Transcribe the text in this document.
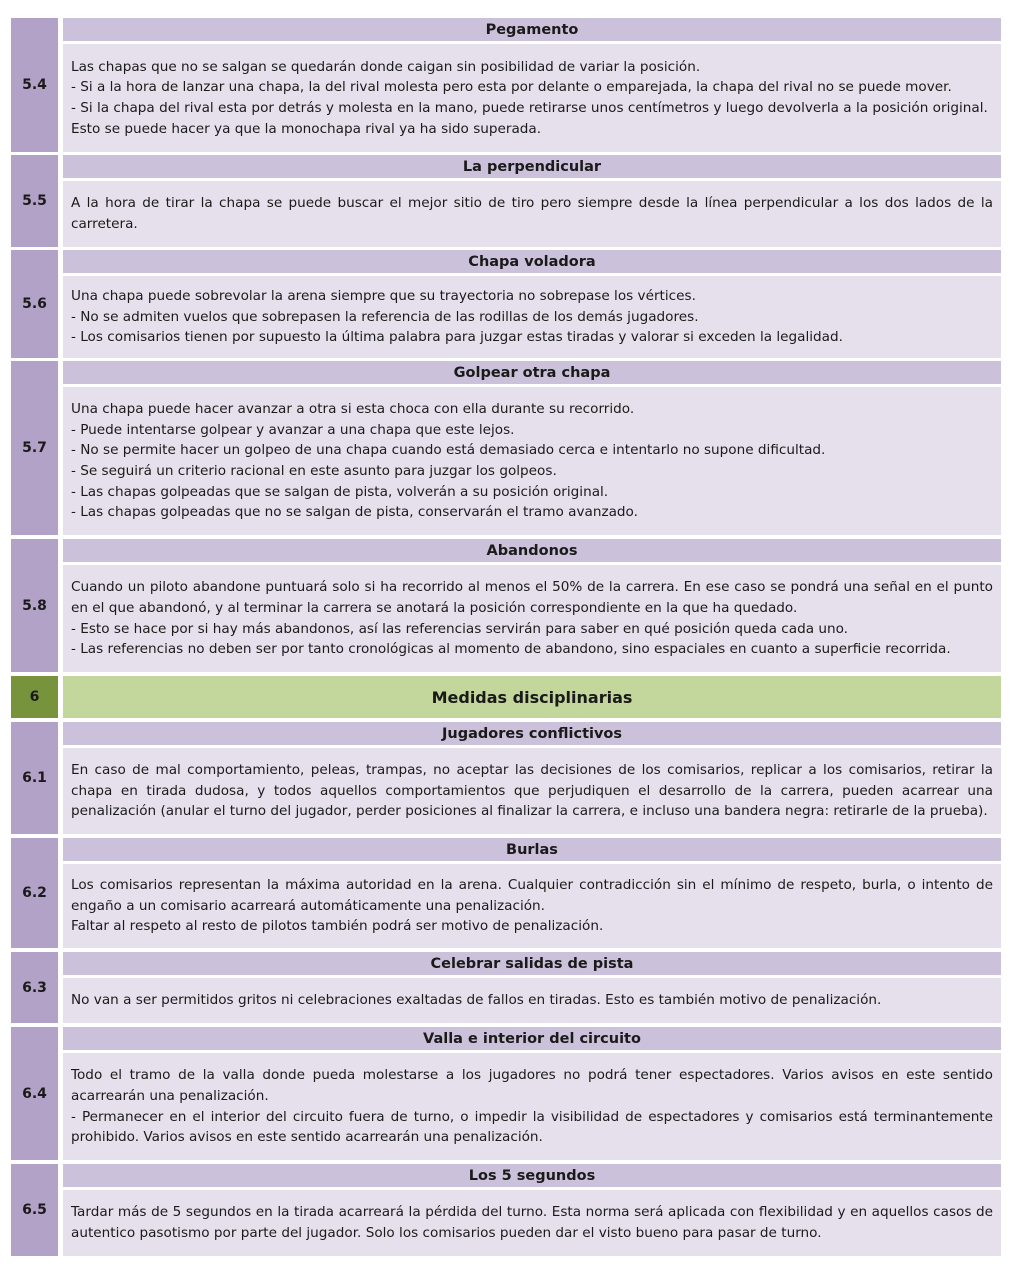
5.4
Pegamento

Las chapas que no se salgan se quedarán donde caigan sin posibilidad de variar la posición.

- Si a la hora de lanzar una chapa, la del rival molesta pero esta por delante o emparejada, la chapa del rival no se puede mover.

- Si la chapa del rival esta por detrás y molesta en la mano, puede retirarse unos centímetros y luego devolverla a la posición original.

Esto se puede hacer ya que la monochapa rival ya ha sido superada.

5.5
La perpendicular

A la hora de tirar la chapa se puede buscar el mejor sitio de tiro pero siempre desde la línea perpendicular a los dos lados de la carretera.

5.6
Chapa voladora

Una chapa puede sobrevolar la arena siempre que su trayectoria no sobrepase los vértices.

- No se admiten vuelos que sobrepasen la referencia de las rodillas de los demás jugadores.

- Los comisarios tienen por supuesto la última palabra para juzgar estas tiradas y valorar si exceden la legalidad.

5.7
Golpear otra chapa

Una chapa puede hacer avanzar a otra si esta choca con ella durante su recorrido.

- Puede intentarse golpear y avanzar a una chapa que este lejos.

- No se permite hacer un golpeo de una chapa cuando está demasiado cerca e intentarlo no supone dificultad.

- Se seguirá un criterio racional en este asunto para juzgar los golpeos.

- Las chapas golpeadas que se salgan de pista, volverán a su posición original.

- Las chapas golpeadas que no se salgan de pista, conservarán el tramo avanzado.

5.8
Abandonos

Cuando un piloto abandone puntuará solo si ha recorrido al menos el 50% de la carrera. En ese caso se pondrá una señal en el punto en el que abandonó, y al terminar la carrera se anotará la posición correspondiente en la que ha quedado.

- Esto se hace por si hay más abandonos, así las referencias servirán para saber en qué posición queda cada uno.

- Las referencias no deben ser por tanto cronológicas al momento de abandono, sino espaciales en cuanto a superficie recorrida.

6	Medidas disciplinarias
6.1
Jugadores conflictivos

En caso de mal comportamiento, peleas, trampas, no aceptar las decisiones de los comisarios, replicar a los comisarios, retirar la chapa en tirada dudosa, y todos aquellos comportamientos que perjudiquen el desarrollo de la carrera, pueden acarrear una penalización (anular el turno del jugador, perder posiciones al finalizar la carrera, e incluso una bandera negra: retirarle de la prueba).

6.2
Burlas

Los comisarios representan la máxima autoridad en la arena. Cualquier contradicción sin el mínimo de respeto, burla, o intento de engaño a un comisario acarreará automáticamente una penalización.

Faltar al respeto al resto de pilotos también podrá ser motivo de penalización.

6.3
Celebrar salidas de pista

No van a ser permitidos gritos ni celebraciones exaltadas de fallos en tiradas. Esto es también motivo de penalización.

6.4
Valla e interior del circuito

Todo el tramo de la valla donde pueda molestarse a los jugadores no podrá tener espectadores. Varios avisos en este sentido acarrearán una penalización.

- Permanecer en el interior del circuito fuera de turno, o impedir la visibilidad de espectadores y comisarios está terminantemente prohibido. Varios avisos en este sentido acarrearán una penalización.

6.5
Los 5 segundos

Tardar más de 5 segundos en la tirada acarreará la pérdida del turno. Esta norma será aplicada con flexibilidad y en aquellos casos de autentico pasotismo por parte del jugador. Solo los comisarios pueden dar el visto bueno para pasar de turno.
